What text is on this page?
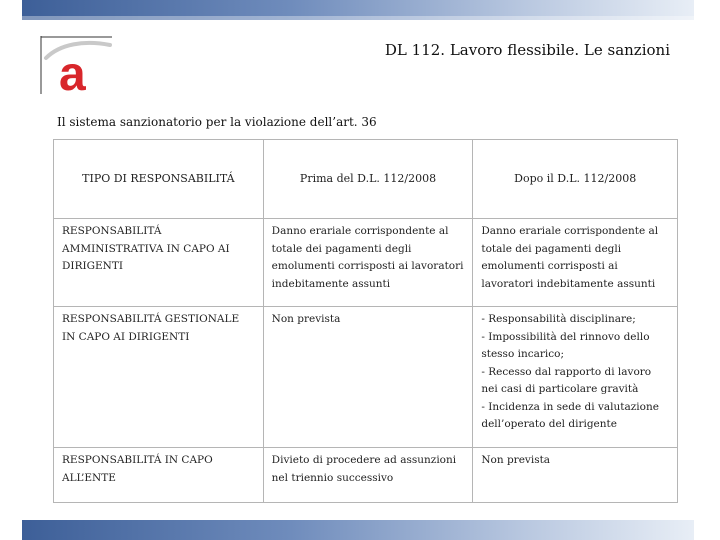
a	DL 112. Lavoro flessibile. Le sanzioni
Il sistema sanzionatorio per la violazione dell’art. 36
TIPO DI RESPONSABILITÁ	Prima del D.L. 112/2008	Dopo il D.L. 112/2008
RESPONSABILITÁ AMMINISTRATIVA IN CAPO AI DIRIGENTI	Danno erariale corrispondente al totale dei pagamenti degli emolumenti corrisposti ai lavoratori indebitamente assunti	Danno erariale corrispondente al totale dei pagamenti degli emolumenti corrisposti ai lavoratori indebitamente assunti
RESPONSABILITÁ GESTIONALE IN CAPO AI DIRIGENTI	Non prevista	- Responsabilità disciplinare;
- Impossibilità del rinnovo dello stesso incarico;
- Recesso dal rapporto di lavoro nei casi di particolare gravità
- Incidenza in sede di valutazione dell’operato del dirigente

RESPONSABILITÁ IN CAPO ALL’ENTE	Divieto di procedere ad assunzioni nel triennio successivo	Non prevista
